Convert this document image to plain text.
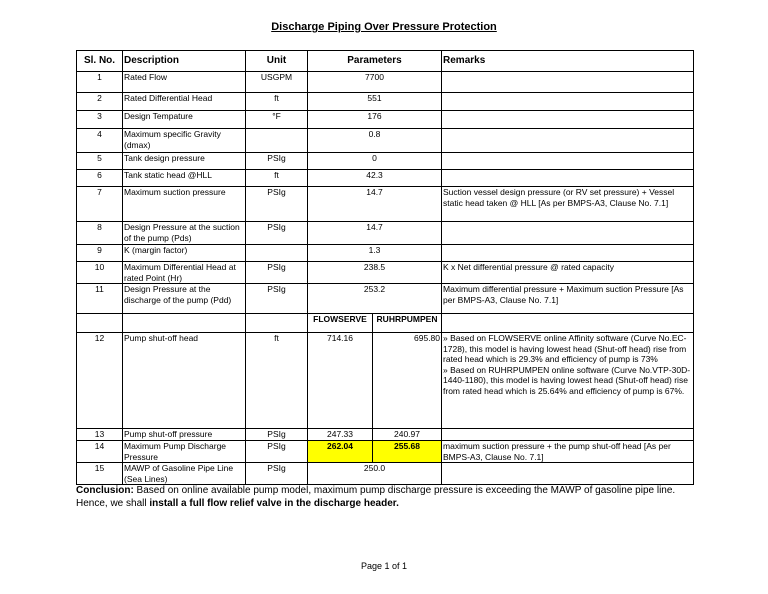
Discharge Piping Over Pressure Protection
Sl. No.	Description	Unit	Parameters		Remarks
1	Rated Flow	USGPM	7700		
2	Rated Differential Head	ft	551		
3	Design Tempature	°F	176		
4	Maximum specific Gravity (dmax)		0.8		
5	Tank design pressure	PSIg	0		
6	Tank static head @HLL	ft	42.3		
7	Maximum suction pressure	PSIg	14.7		Suction vessel design pressure (or RV set pressure) + Vessel static head taken @ HLL [As per BMPS-A3, Clause No. 7.1]
8	Design Pressure at the suction of the pump (Pds)	PSIg	14.7		
9	K (margin factor)		1.3		
10	Maximum Differential Head at rated Point (Hr)	PSIg	238.5		K x Net differential pressure @ rated capacity
11	Design Pressure at the discharge of the pump (Pdd)	PSIg	253.2		Maximum differential pressure + Maximum suction Pressure [As per BMPS-A3, Clause No. 7.1]
			FLOWSERVE	RUHRPUMPEN	
12	Pump shut-off head	ft	714.16	695.80	» Based on FLOWSERVE online Affinity software (Curve No.EC-1728), this model is having lowest head (Shut-off head) rise from rated head which is 29.3% and efficiency of pump is 73%
» Based on RUHRPUMPEN online software (Curve No.VTP-30D-1440-1180), this model is having lowest head (Shut-off head) rise from rated head which is 25.64% and efficiency of pump is 67%.

13	Pump shut-off pressure	PSIg	247.33	240.97	
14	Maximum Pump Discharge Pressure	PSIg	262.04	255.68	maximum suction pressure + the pump shut-off head [As per BMPS-A3, Clause No. 7.1]
15	MAWP of Gasoline Pipe Line (Sea Lines)	PSIg	250.0		
Conclusion: Based on online available pump model, maximum pump discharge pressure is exceeding the MAWP of gasoline pipe line.
Hence, we shall install a full flow relief valve in the discharge header.
Page 1 of 1
